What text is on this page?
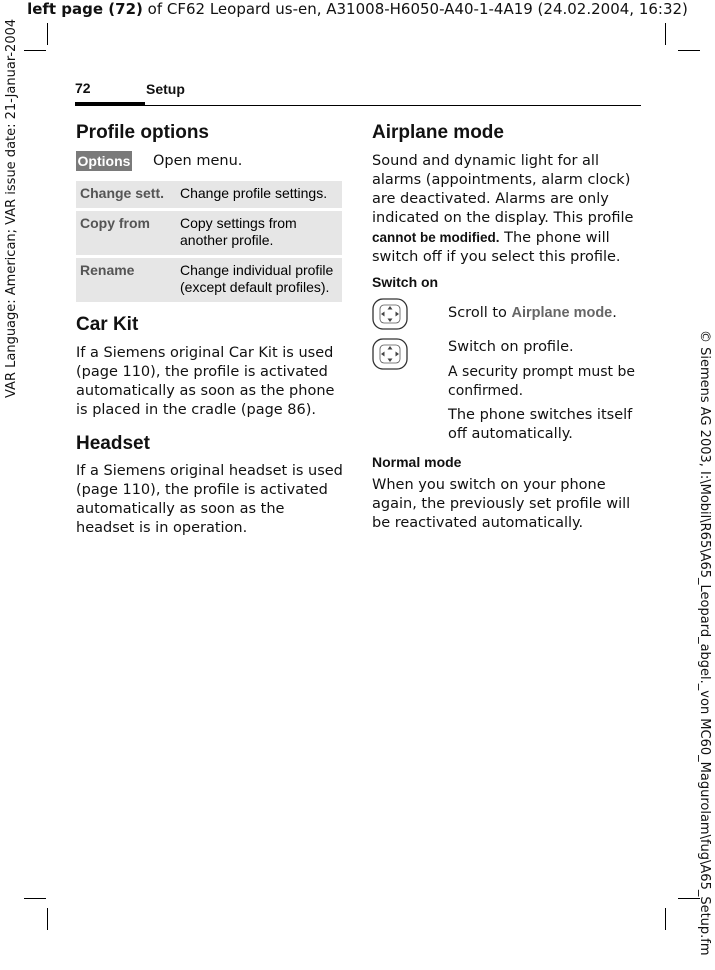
left page (72) of CF62 Leopard us-en, A31008-H6050-A40-1-4A19 (24.02.2004, 16:32)
VAR Language: American; VAR issue date: 21-Januar-2004
© Siemens AG 2003, I:\Mobil\R65\A65_Leopard_abgel._von MC60_Magurolam\fug\A65_Setup.fm
72	Setup
Profile options
Options Open menu.
Change sett.	Change profile settings.
Copy from	Copy settings from another profile.
Rename	Change individual profile (except default profiles).
Car Kit

If a Siemens original Car Kit is used (page 110), the profile is activated automatically as soon as the phone is placed in the cradle (page 86).

Headset

If a Siemens original headset is used (page 110), the profile is activated automatically as soon as the headset is in operation.

Airplane mode

Sound and dynamic light for all alarms (appointments, alarm clock) are deactivated. Alarms are only indicated on the display. This profile cannot be modified. The phone will switch off if you select this profile.

Switch on
Scroll to Airplane mode.
Switch on profile.

A security prompt must be confirmed.

The phone switches itself off automatically.

Normal mode

When you switch on your phone again, the previously set profile will be reactivated automatically.
